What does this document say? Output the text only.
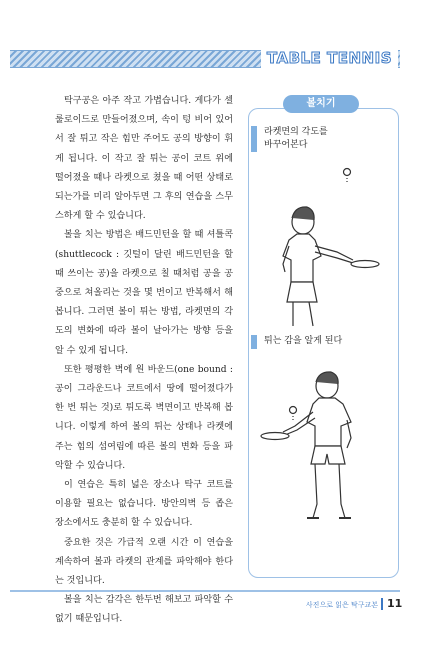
TABLE TENNIS

탁구공은 아주 작고 가볍습니다. 게다가 셀룰로이드로 만들어졌으며, 속이 텅 비어 있어서 잘 튀고 작은 힘만 주어도 공의 방향이 휘게 됩니다. 이 작고 잘 튀는 공이 코트 위에 떨어졌을 때나 라켓으로 쳤을 때 어떤 상태로 되는가를 미리 알아두면 그 후의 연습을 스무스하게 할 수 있습니다.

볼을 치는 방법은 배드민턴을 할 때 셔틀콕(shuttlecock : 깃털이 달린 배드민턴을 할 때 쓰이는 공)을 라켓으로 칠 때처럼 공을 공중으로 쳐올리는 것을 몇 번이고 반복해서 해봅니다. 그러면 볼이 튀는 방법, 라켓면의 각도의 변화에 따라 볼이 날아가는 방향 등을 알 수 있게 됩니다.

또한 평평한 벽에 원 바운드(one bound : 공이 그라운드나 코트에서 땅에 떨어졌다가 한 번 튀는 것)로 튀도록 벽면이고 반복해 봅니다. 이렇게 하여 볼의 튀는 상태나 라켓에 주는 힘의 섬여림에 따른 볼의 변화 등을 파악할 수 있습니다.

이 연습은 특히 넓은 장소나 탁구 코트를 이용할 필요는 없습니다. 방안의벽 등 좁은 장소에서도 충분히 할 수 있습니다.

중요한 것은 가급적 오랜 시간 이 연습을 계속하여 볼과 라켓의 관계를 파악해야 한다는 것입니다.

볼을 치는 감각은 한두번 해보고 파악할 수 없기 때문입니다.

볼치기
라켓면의 각도를
바꾸어본다
튀는 감을 알게 된다
사진으로 읽은 탁구교본 11
